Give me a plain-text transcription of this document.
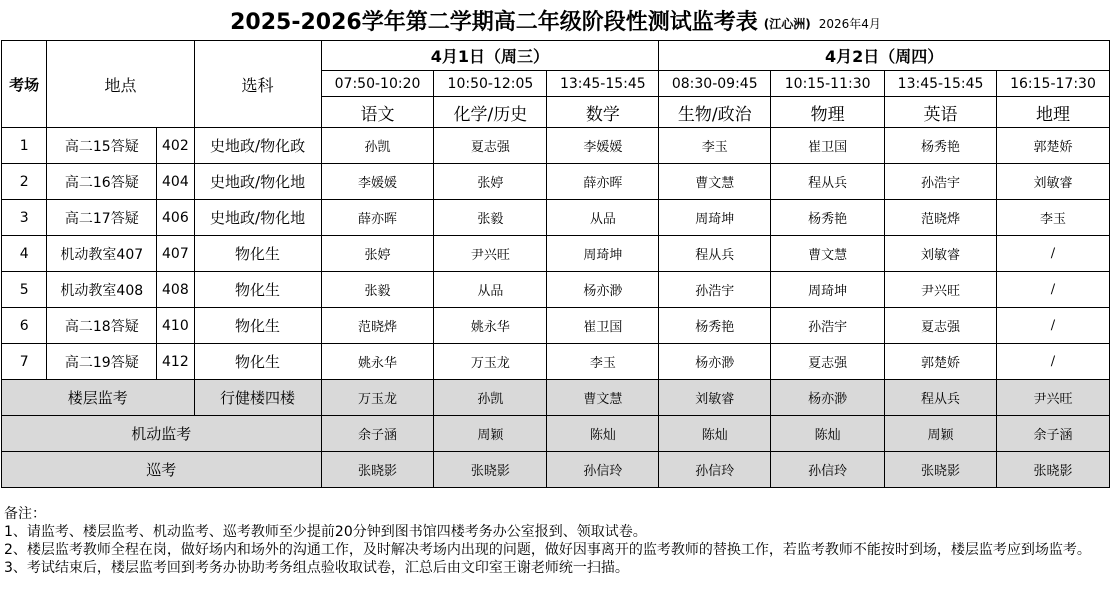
2025-2026学年第二学期高二年级阶段性测试监考表 (江心洲) 2026年4月
考场	地点		选科	4月1日（周三）			4月2日（周四）			
				07:50-10:20	10:50-12:05	13:45-15:45	08:30-09:45	10:15-11:30	13:45-15:45	16:15-17:30
				语文	化学/历史	数学	生物/政治	物理	英语	地理
1	高二15答疑	402	史地政/物化政	孙凯	夏志强	李媛媛	李玉	崔卫国	杨秀艳	郭楚娇
2	高二16答疑	404	史地政/物化地	李媛媛	张婷	薛亦晖	曹文慧	程从兵	孙浩宇	刘敏睿
3	高二17答疑	406	史地政/物化地	薛亦晖	张毅	从品	周琦坤	杨秀艳	范晓烨	李玉
4	机动教室407	407	物化生	张婷	尹兴旺	周琦坤	程从兵	曹文慧	刘敏睿	/
5	机动教室408	408	物化生	张毅	从品	杨亦渺	孙浩宇	周琦坤	尹兴旺	/
6	高二18答疑	410	物化生	范晓烨	姚永华	崔卫国	杨秀艳	孙浩宇	夏志强	/
7	高二19答疑	412	物化生	姚永华	万玉龙	李玉	杨亦渺	夏志强	郭楚娇	/
楼层监考			行健楼四楼	万玉龙	孙凯	曹文慧	刘敏睿	杨亦渺	程从兵	尹兴旺
机动监考				余子涵	周颖	陈灿	陈灿	陈灿	周颖	余子涵
巡考				张晓影	张晓影	孙信玲	孙信玲	孙信玲	张晓影	张晓影
备注：
1、请监考、楼层监考、机动监考、巡考教师至少提前20分钟到图书馆四楼考务办公室报到、领取试卷。
2、楼层监考教师全程在岗，做好场内和场外的沟通工作，及时解决考场内出现的问题，做好因事离开的监考教师的替换工作，若监考教师不能按时到场，楼层监考应到场监考。
3、考试结束后，楼层监考回到考务办协助考务组点验收取试卷，汇总后由文印室王谢老师统一扫描。
